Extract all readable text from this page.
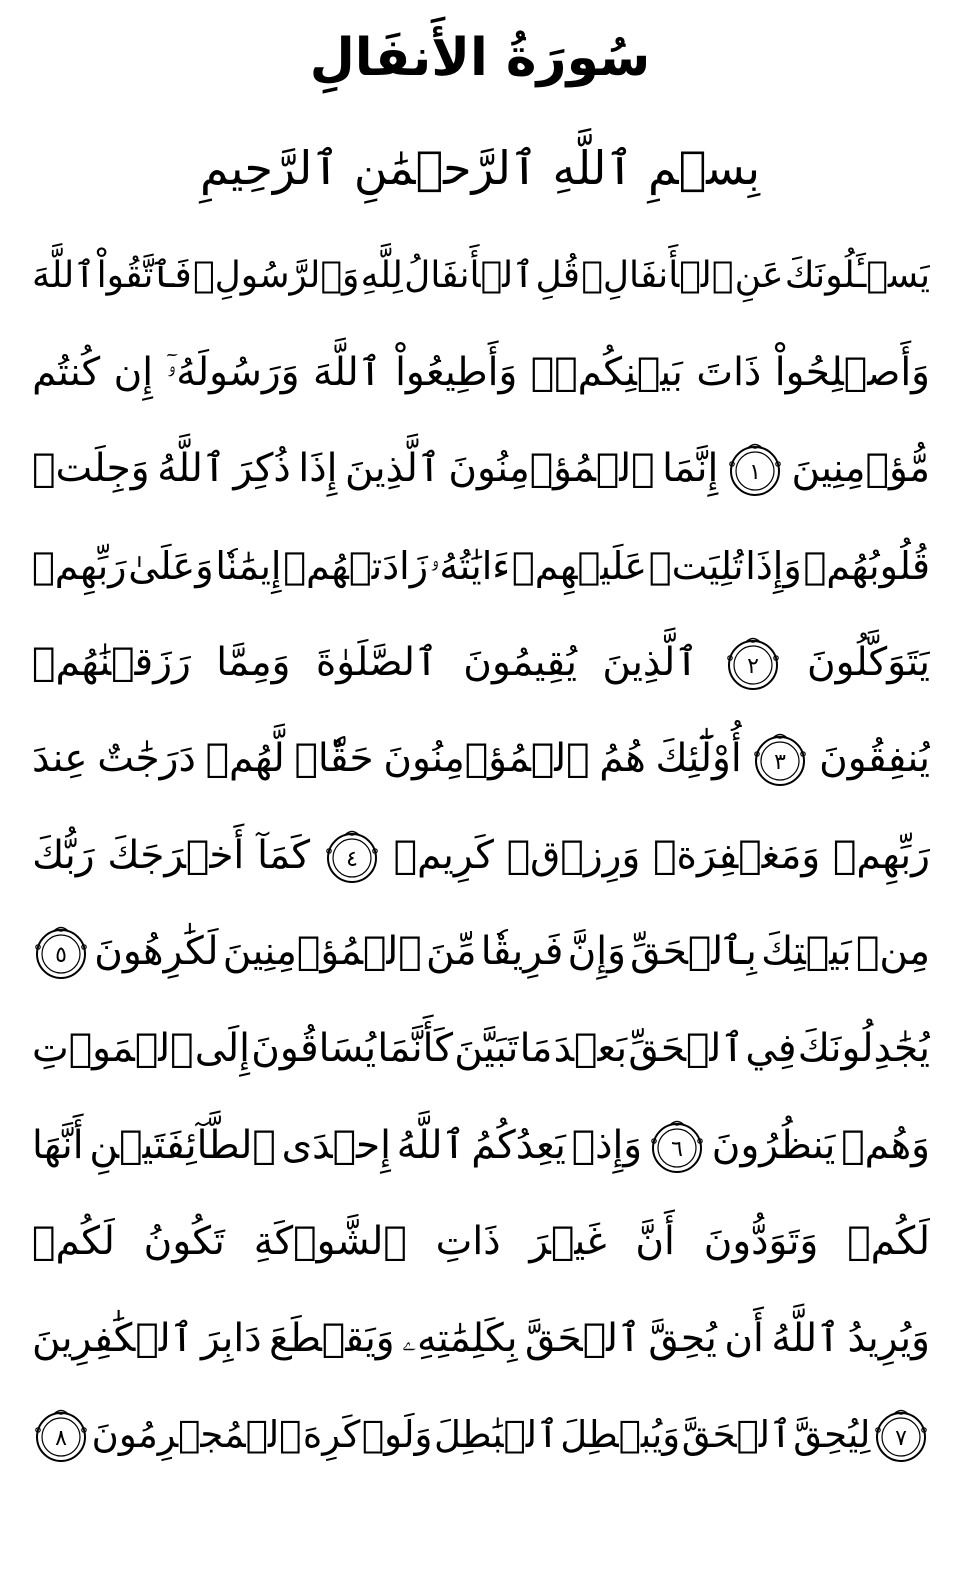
سُورَةُ الأَنفَالِ
بِسۡمِ ٱللَّهِ ٱلرَّحۡمَٰنِ ٱلرَّحِيمِ
يَسۡـَٔلُونَكَ
عَنِ
ٱلۡأَنفَالِۖ
قُلِ
ٱلۡأَنفَالُ
لِلَّهِ
وَٱلرَّسُولِۖ
فَٱتَّقُواْ
ٱللَّهَ
وَأَصۡلِحُواْ
ذَاتَ
بَيۡنِكُمۡۖ
وَأَطِيعُواْ
ٱللَّهَ
وَرَسُولَهُۥٓ
إِن
كُنتُم
مُّؤۡمِنِينَ
١
إِنَّمَا
ٱلۡمُؤۡمِنُونَ
ٱلَّذِينَ
إِذَا
ذُكِرَ
ٱللَّهُ
وَجِلَتۡ
قُلُوبُهُمۡ
وَإِذَا
تُلِيَتۡ
عَلَيۡهِمۡ
ءَايَٰتُهُۥ
زَادَتۡهُمۡ
إِيمَٰنٗا
وَعَلَىٰ
رَبِّهِمۡ
يَتَوَكَّلُونَ
٢
ٱلَّذِينَ
يُقِيمُونَ
ٱلصَّلَوٰةَ
وَمِمَّا
رَزَقۡنَٰهُمۡ
يُنفِقُونَ
٣
أُوْلَٰٓئِكَ
هُمُ
ٱلۡمُؤۡمِنُونَ
حَقّٗاۚ
لَّهُمۡ
دَرَجَٰتٌ
عِندَ
رَبِّهِمۡ
وَمَغۡفِرَةٞ
وَرِزۡقٞ
كَرِيمٞ
٤
كَمَآ
أَخۡرَجَكَ
رَبُّكَ
مِنۢ
بَيۡتِكَ
بِٱلۡحَقِّ
وَإِنَّ
فَرِيقٗا
مِّنَ
ٱلۡمُؤۡمِنِينَ
لَكَٰرِهُونَ
٥
يُجَٰدِلُونَكَ
فِي
ٱلۡحَقِّ
بَعۡدَ
مَا
تَبَيَّنَ
كَأَنَّمَا
يُسَاقُونَ
إِلَى
ٱلۡمَوۡتِ
وَهُمۡ
يَنظُرُونَ
٦
وَإِذۡ
يَعِدُكُمُ
ٱللَّهُ
إِحۡدَى
ٱلطَّآئِفَتَيۡنِ
أَنَّهَا
لَكُمۡ
وَتَوَدُّونَ
أَنَّ
غَيۡرَ
ذَاتِ
ٱلشَّوۡكَةِ
تَكُونُ
لَكُمۡ
وَيُرِيدُ
ٱللَّهُ
أَن
يُحِقَّ
ٱلۡحَقَّ
بِكَلِمَٰتِهِۦ
وَيَقۡطَعَ
دَابِرَ
ٱلۡكَٰفِرِينَ
٧
لِيُحِقَّ
ٱلۡحَقَّ
وَيُبۡطِلَ
ٱلۡبَٰطِلَ
وَلَوۡ
كَرِهَ
ٱلۡمُجۡرِمُونَ
٨
